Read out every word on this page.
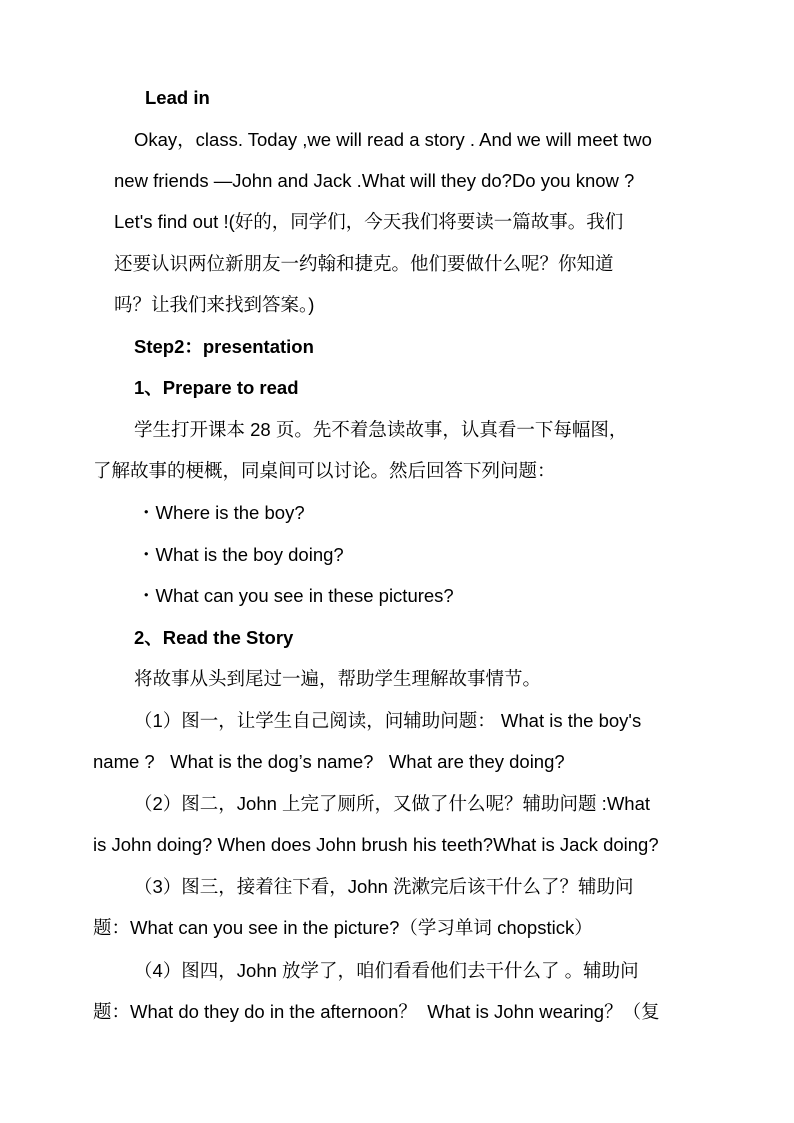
Lead in
Okay，class. Today ,we will read a story . And we will meet two
new friends —John and Jack .What will they do?Do you know ?
Let's find out !(好的，同学们，今天我们将要读一篇故事。我们
还要认识两位新朋友一约翰和捷克。他们要做什么呢？你知道
吗？让我们来找到答案。)
Step2：presentation
1、Prepare to read
学生打开课本 28 页。先不着急读故事，认真看一下每幅图，
了解故事的梗概，同桌间可以讨论。然后回答下列问题：
・Where is the boy?
・What is the boy doing?
・What can you see in these pictures?
2、Read the Story
将故事从头到尾过一遍，帮助学生理解故事情节。
（1）图一，让学生自己阅读，问辅助问题： What is the boy's
name ?   What is the dog’s name?   What are they doing?
（2）图二，John 上完了厕所，又做了什么呢？辅助问题 :What
is John doing? When does John brush his teeth?What is Jack doing?
（3）图三，接着往下看，John 洗漱完后该干什么了？辅助问
题：What can you see in the picture?（学习单词 chopstick）
（4）图四，John 放学了，咱们看看他们去干什么了 。辅助问
题：What do they do in the afternoon？  What is John wearing？（复
